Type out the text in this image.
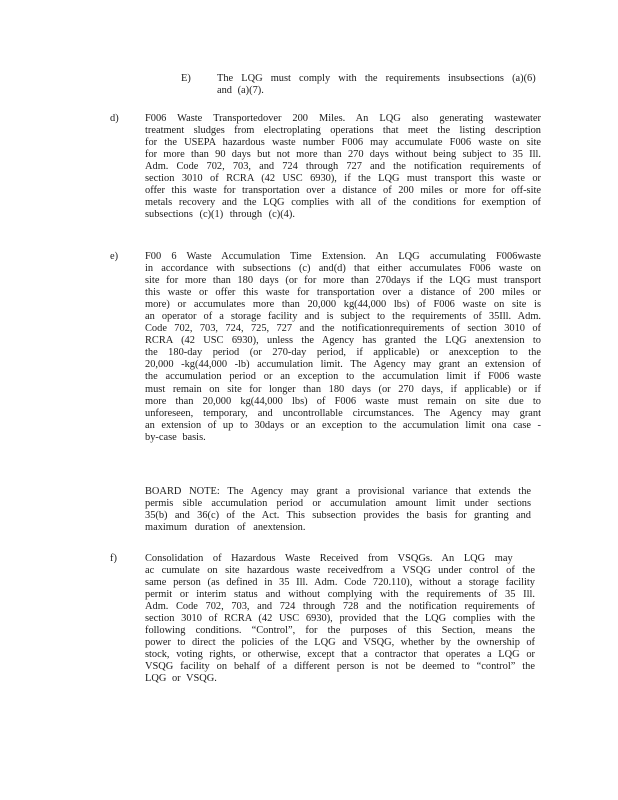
E)	The LQG must comply with the requirements insubsections (a)(6)
and (a)(7).
d)	F006 Waste Transportedover 200 Miles. An LQG also generating wastewater
treatment sludges from electroplating operations that meet the listing description
for the USEPA hazardous waste number F006 may accumulate F006 waste on site
for more than 90 days but not more than 270 days without being subject to 35 Ill.
Adm. Code 702, 703, and 724 through 727 and the notification requirements of
section 3010 of RCRA (42 USC 6930), if the LQG must transport this waste or
offer this waste for transportation over a distance of 200 miles or more for off-site
metals recovery and the LQG complies with all of the conditions for exemption of
subsections (c)(1) through (c)(4).
e)	F00 6 Waste Accumulation Time Extension. An LQG accumulating F006waste
in accordance with subsections (c) and(d) that either accumulates F006 waste on
site for more than 180 days (or for more than 270days if the LQG must transport
this waste or offer this waste for transportation over a distance of 200 miles or
more) or accumulates more than 20,000 kg(44,000 lbs) of F006 waste on site is
an operator of a storage facility and is subject to the requirements of 35Ill. Adm.
Code 702, 703, 724, 725, 727 and the notificationrequirements of section 3010 of
RCRA (42 USC 6930), unless the Agency has granted the LQG anextension to
the 180-day period (or 270-day period, if applicable) or anexception to the
20,000 -kg(44,000 -lb) accumulation limit. The Agency may grant an extension of
the accumulation period or an exception to the accumulation limit if F006 waste
must remain on site for longer than 180 days (or 270 days, if applicable) or if
more than 20,000 kg(44,000 lbs) of F006 waste must remain on site due to
unforeseen, temporary, and uncontrollable circumstances. The Agency may grant
an extension of up to 30days or an exception to the accumulation limit ona case -
by-case basis.
BOARD NOTE: The Agency may grant a provisional variance that extends the
permis sible accumulation period or accumulation amount limit under sections
35(b) and 36(c) of the Act. This subsection provides the basis for granting and
maximum duration of anextension.
f)	Consolidation of Hazardous Waste Received from VSQGs. An LQG may
ac cumulate on site hazardous waste receivedfrom a VSQG under control of the
same person (as defined in 35 Ill. Adm. Code 720.110), without a storage facility
permit or interim status and without complying with the requirements of 35 Ill.
Adm. Code 702, 703, and 724 through 728 and the notification requirements of
section 3010 of RCRA (42 USC 6930), provided that the LQG complies with the
following conditions. “Control”, for the purposes of this Section, means the
power to direct the policies of the LQG and VSQG, whether by the ownership of
stock, voting rights, or otherwise, except that a contractor that operates a LQG or
VSQG facility on behalf of a different person is not be deemed to “control” the
LQG or VSQG.
